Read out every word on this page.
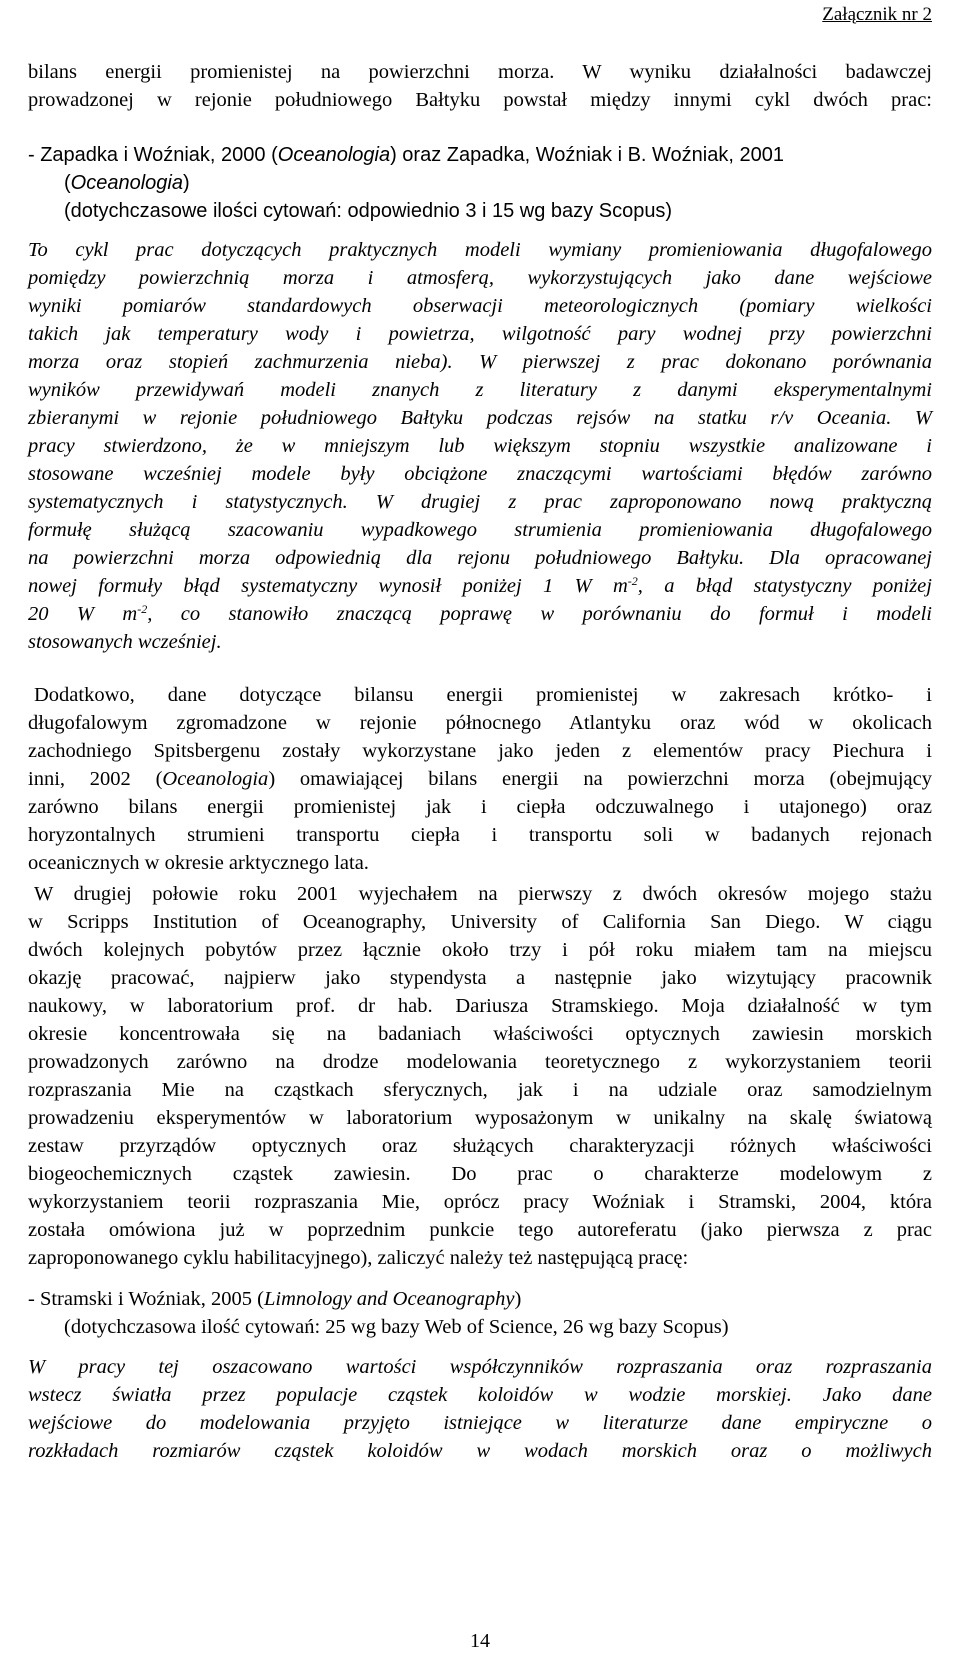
Załącznik nr 2
bilans energii promienistej na powierzchni morza. W wyniku działalności badawczej
prowadzonej w rejonie południowego Bałtyku powstał między innymi cykl dwóch prac:
- Zapadka i Woźniak, 2000 (Oceanologia) oraz Zapadka, Woźniak i B. Woźniak, 2001
(Oceanologia)
(dotychczasowe ilości cytowań: odpowiednio 3 i 15 wg bazy Scopus)
To cykl prac dotyczących praktycznych modeli wymiany promieniowania długofalowego
pomiędzy powierzchnią morza i atmosferą, wykorzystujących jako dane wejściowe
wyniki pomiarów standardowych obserwacji meteorologicznych (pomiary wielkości
takich jak temperatury wody i powietrza, wilgotność pary wodnej przy powierzchni
morza oraz stopień zachmurzenia nieba). W pierwszej z prac dokonano porównania
wyników przewidywań modeli znanych z literatury z danymi eksperymentalnymi
zbieranymi w rejonie południowego Bałtyku podczas rejsów na statku r/v Oceania. W
pracy stwierdzono, że w mniejszym lub większym stopniu wszystkie analizowane i
stosowane wcześniej modele były obciążone znaczącymi wartościami błędów zarówno
systematycznych i statystycznych. W drugiej z prac zaproponowano nową praktyczną
formułę służącą szacowaniu wypadkowego strumienia promieniowania długofalowego
na powierzchni morza odpowiednią dla rejonu południowego Bałtyku. Dla opracowanej
nowej formuły błąd systematyczny wynosił poniżej 1 W $m^{-2}$, a błąd statystyczny poniżej
20 W $m^{-2}$, co stanowiło znaczącą poprawę w porównaniu do formuł i modeli
stosowanych wcześniej.
Dodatkowo, dane dotyczące bilansu energii promienistej w zakresach krótko- i
długofalowym zgromadzone w rejonie północnego Atlantyku oraz wód w okolicach
zachodniego Spitsbergenu zostały wykorzystane jako jeden z elementów pracy Piechura i
inni, 2002 (Oceanologia) omawiającej bilans energii na powierzchni morza (obejmujący
zarówno bilans energii promienistej jak i ciepła odczuwalnego i utajonego) oraz
horyzontalnych strumieni transportu ciepła i transportu soli w badanych rejonach
oceanicznych w okresie arktycznego lata.
W drugiej połowie roku 2001 wyjechałem na pierwszy z dwóch okresów mojego stażu
w Scripps Institution of Oceanography, University of California San Diego. W ciągu
dwóch kolejnych pobytów przez łącznie około trzy i pół roku miałem tam na miejscu
okazję pracować, najpierw jako stypendysta a następnie jako wizytujący pracownik
naukowy, w laboratorium prof. dr hab. Dariusza Stramskiego. Moja działalność w tym
okresie koncentrowała się na badaniach właściwości optycznych zawiesin morskich
prowadzonych zarówno na drodze modelowania teoretycznego z wykorzystaniem teorii
rozpraszania Mie na cząstkach sferycznych, jak i na udziale oraz samodzielnym
prowadzeniu eksperymentów w laboratorium wyposażonym w unikalny na skalę światową
zestaw przyrządów optycznych oraz służących charakteryzacji różnych właściwości
biogeochemicznych cząstek zawiesin. Do prac o charakterze modelowym z
wykorzystaniem teorii rozpraszania Mie, oprócz pracy Woźniak i Stramski, 2004, która
została omówiona już w poprzednim punkcie tego autoreferatu (jako pierwsza z prac
zaproponowanego cyklu habilitacyjnego), zaliczyć należy też następującą pracę:
- Stramski i Woźniak, 2005 (Limnology and Oceanography)
(dotychczasowa ilość cytowań: 25 wg bazy Web of Science, 26 wg bazy Scopus)
W pracy tej oszacowano wartości współczynników rozpraszania oraz rozpraszania
wstecz światła przez populacje cząstek koloidów w wodzie morskiej. Jako dane
wejściowe do modelowania przyjęto istniejące w literaturze dane empiryczne o
rozkładach rozmiarów cząstek koloidów w wodach morskich oraz o możliwych
14
